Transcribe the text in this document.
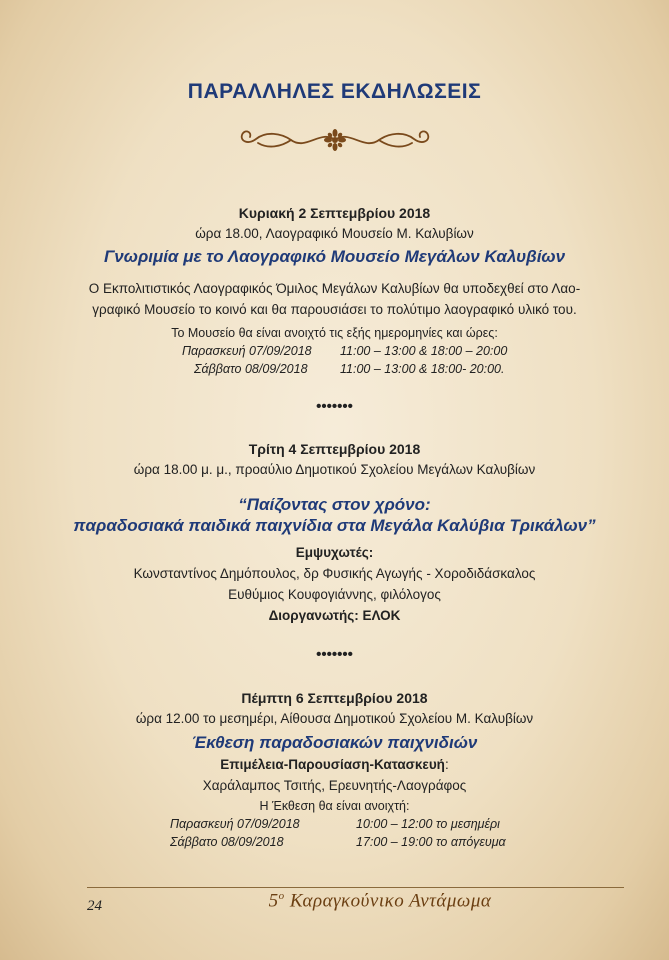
ΠΑΡΑΛΛΗΛΕΣ ΕΚΔΗΛΩΣΕΙΣ
Κυριακή 2 Σεπτεμβρίου 2018
ώρα 18.00, Λαογραφικό Μουσείο Μ. Καλυβίων
Γνωριμία με το Λαογραφικό Μουσείο Μεγάλων Καλυβίων
Ο Εκπολιτιστικός Λαογραφικός Όμιλος Μεγάλων Καλυβίων θα υποδεχθεί στο Λαο-
γραφικό Μουσείο το κοινό και θα παρουσιάσει το πολύτιμο λαογραφικό υλικό του.
Το Μουσείο θα είναι ανοιχτό τις εξής ημερομηνίες και ώρες:
Παρασκευή 07/09/2018 11:00 – 13:00 & 18:00 – 20:00
Σάββατο 08/09/2018	11:00 – 13:00 & 18:00- 20:00.
•••••••
Τρίτη 4 Σεπτεμβρίου 2018
ώρα 18.00 μ. μ., προαύλιο Δημοτικού Σχολείου Μεγάλων Καλυβίων
“Παίζοντας στον χρόνο:
παραδοσιακά παιδικά παιχνίδια στα Μεγάλα Καλύβια Τρικάλων”
Εμψυχωτές:
Κωνσταντίνος Δημόπουλος, δρ Φυσικής Αγωγής - Χοροδιδάσκαλος
Ευθύμιος Κουφογιάννης, φιλόλογος
Διοργανωτής: ΕΛΟΚ
•••••••
Πέμπτη 6 Σεπτεμβρίου 2018
ώρα 12.00 το μεσημέρι, Αίθουσα Δημοτικού Σχολείου Μ. Καλυβίων
Έκθεση παραδοσιακών παιχνιδιών
Επιμέλεια-Παρουσίαση-Κατασκευή:
Χαράλαμπος Τσιτής, Ερευνητής-Λαογράφος
Η Έκθεση θα είναι ανοιχτή:
Παρασκευή 07/09/2018	10:00 – 12:00 το μεσημέρι
Σάββατο 08/09/2018	17:00 – 19:00 το απόγευμα
24	$5^o$ Καραγκούνικο Αντάμωμα
